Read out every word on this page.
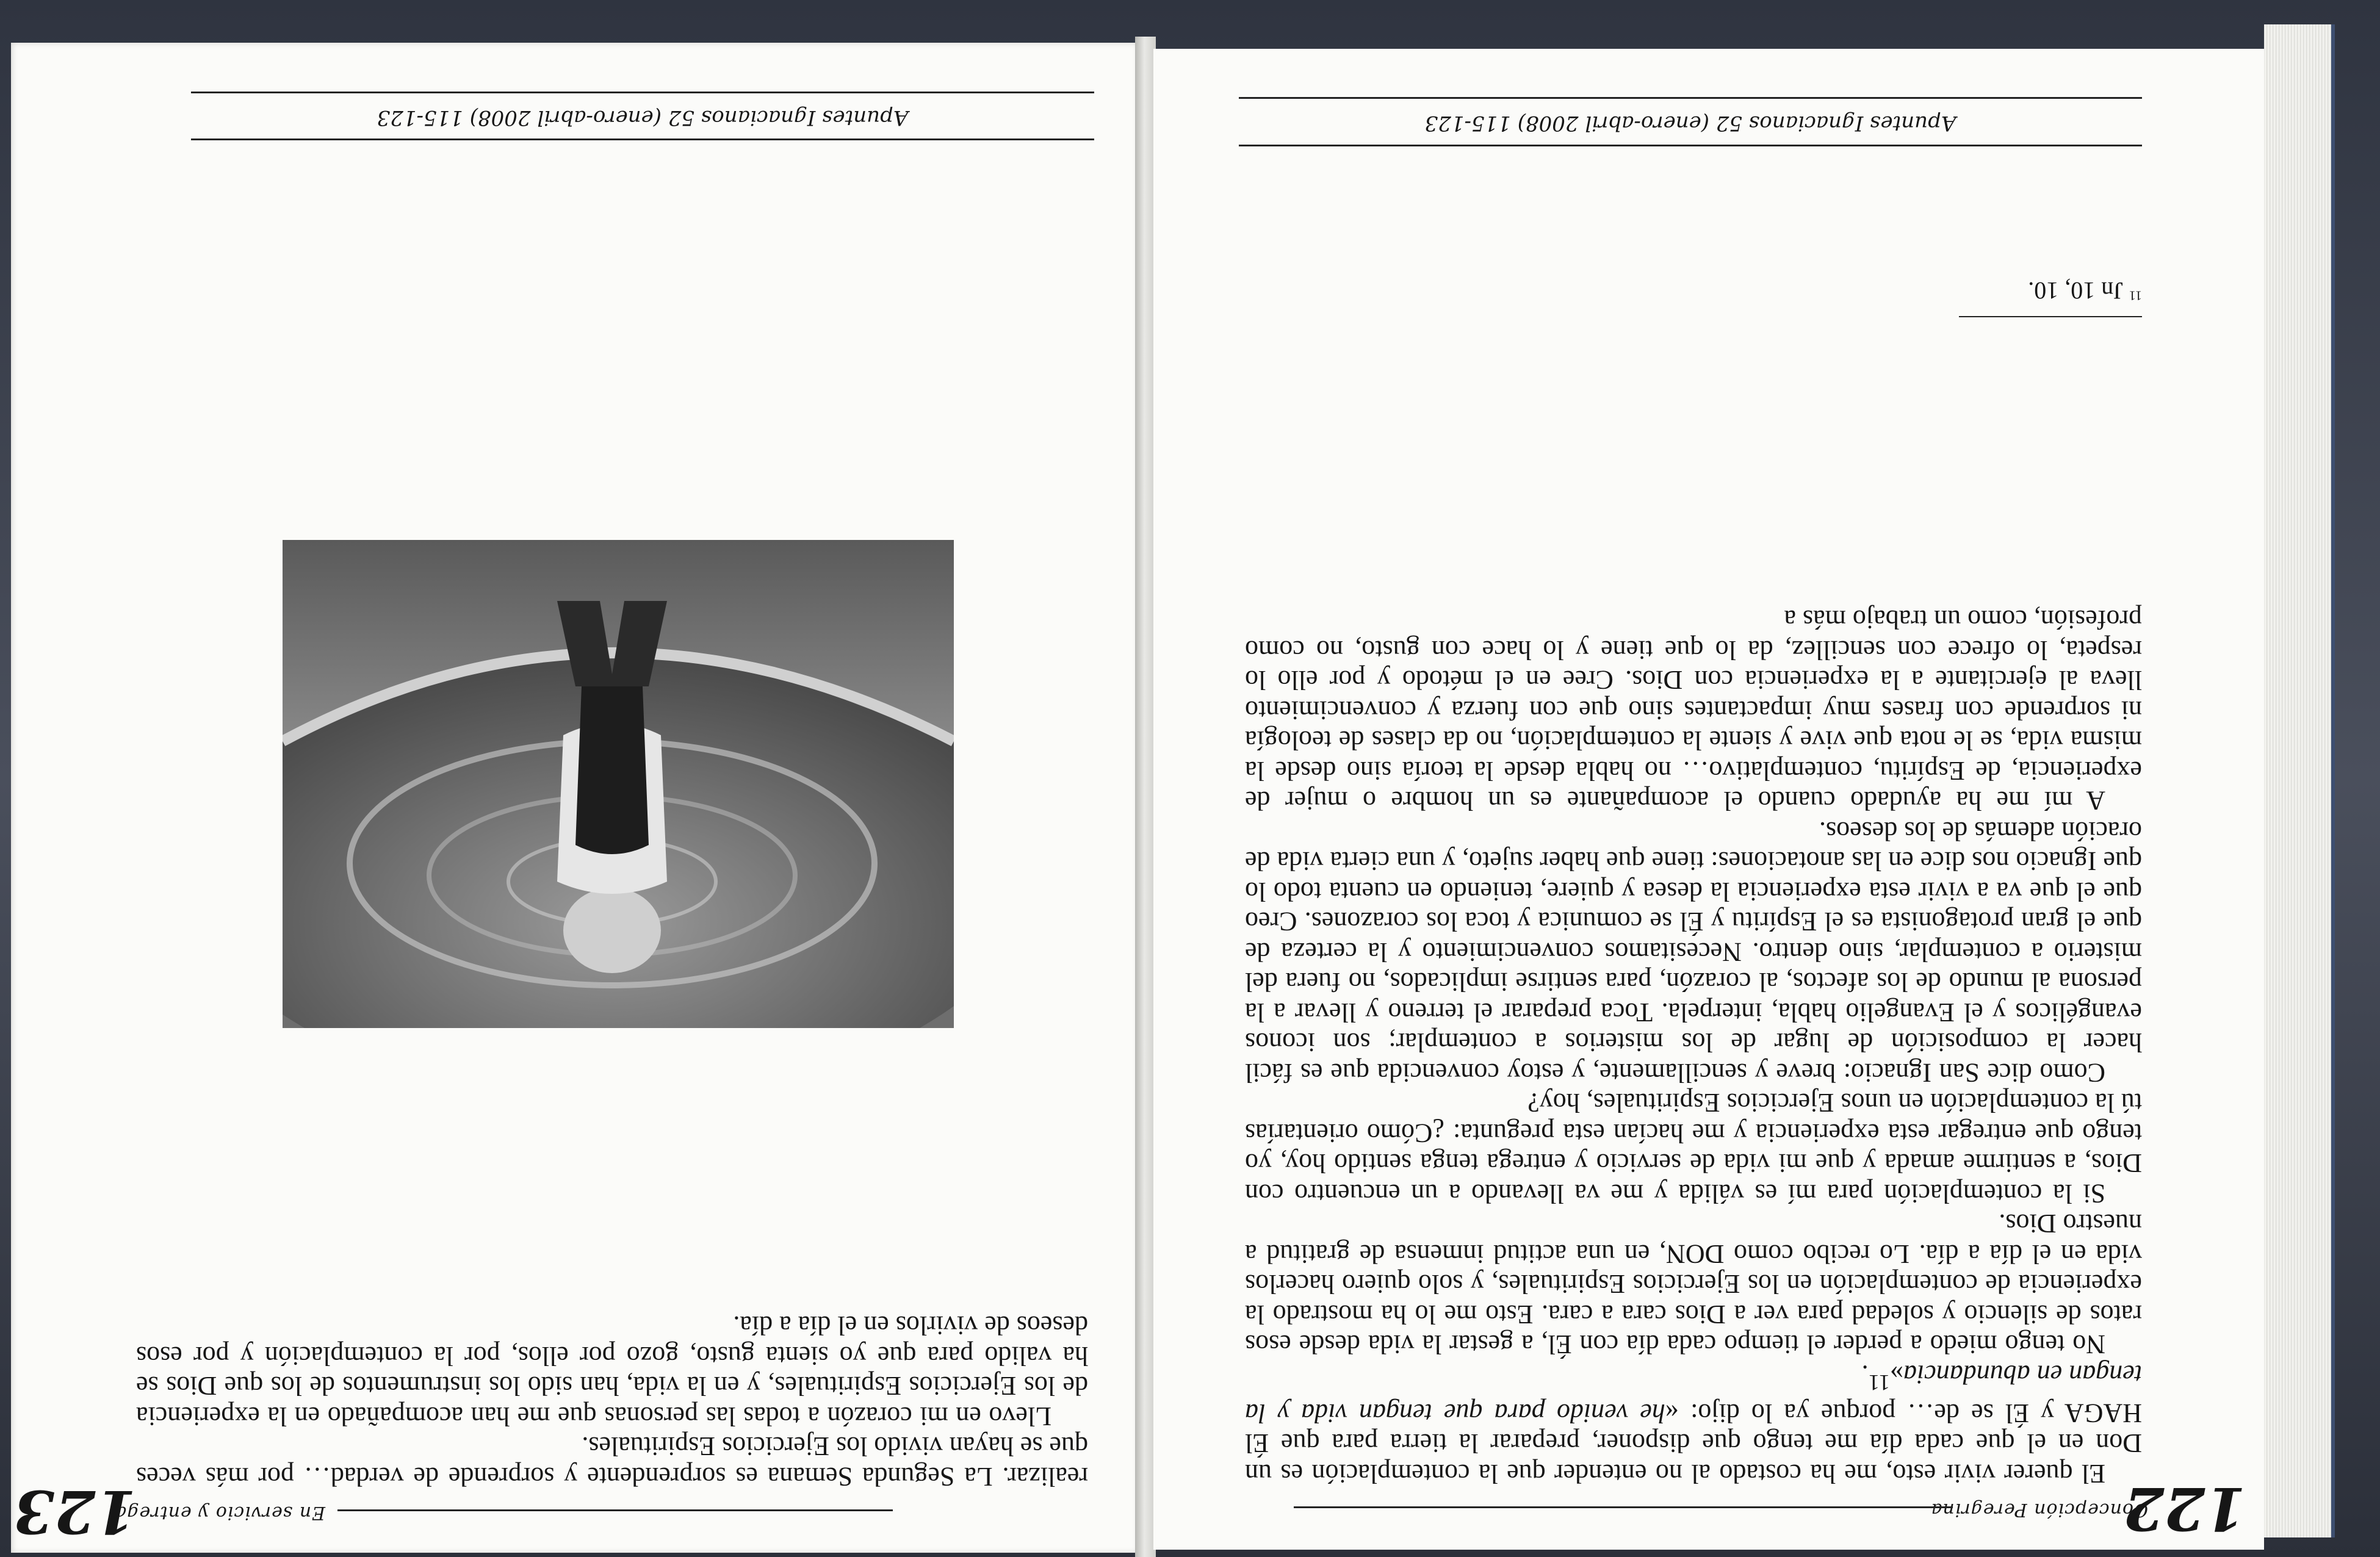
123
En servicio y entrega

realizar. La Segunda Semana es sorprendente y sorprende de verdad… por más veces que se hayan vivido los Ejercicios Espirituales.

Llevo en mi corazón a todas las personas que me han acompañado en la experiencia de los Ejercicios Espirituales, y en la vida, han sido los instrumentos de los que Dios se ha valido para que yo sienta gusto, gozo por ellos, por la contemplación y por esos deseos de vivirlos en el día a día.

Apuntes Ignacianos 52 (enero-abril 2008) 115-123
122
Concepción Peregrina

El querer vivir esto, me ha costado al no entender que la contemplación es un Don en el que cada día me tengo que disponer, preparar la tierra para que Él HAGA y Él se de… porque ya lo dijo: «he venido para que tengan vida y la tengan en abundancia»$^{11}$.

No tengo miedo a perder el tiempo cada día con Él, a gestar la vida desde esos ratos de silencio y soledad para ver a Dios cara a cara. Esto me lo ha mostrado la experiencia de contemplación en los Ejercicios Espirituales, y solo quiero hacerlos vida en el día a día. Lo recibo como DON, en una actitud inmensa de gratitud a nuestro Dios.

Si la contemplación para mí es válida y me va llevando a un encuentro con Dios, a sentirme amada y que mi vida de servicio y entrega tenga sentido hoy, yo tengo que entregar esta experiencia y me hacían esta pregunta: ¿Cómo orientarías tú la contemplación en unos Ejercicios Espirituales, hoy?

Como dice San Ignacio: breve y sencillamente, y estoy convencida que es fácil hacer la composición de lugar de los misterios a contemplar; son iconos evangélicos y el Evangelio habla, interpela. Toca preparar el terreno y llevar a la persona al mundo de los afectos, al corazón, para sentirse implicados, no fuera del misterio a contemplar, sino dentro. Necesitamos convencimiento y la certeza de que el gran protagonista es el Espíritu y Él se comunica y toca los corazones. Creo que el que va a vivir esta experiencia la desea y quiere, teniendo en cuenta todo lo que Ignacio nos dice en las anotaciones: tiene que haber sujeto, y una cierta vida de oración además de los deseos.

A mí me ha ayudado cuando el acompañante es un hombre o mujer de experiencia, de Espíritu, contemplativo… no habla desde la teoría sino desde la misma vida, se le nota que vive y siente la contemplación, no da clases de teología ni sorprende con frases muy impactantes sino que con fuerza y convencimiento lleva al ejercitante a la experiencia con Dios. Cree en el método y por ello lo respeta, lo ofrece con sencillez, da lo que tiene y lo hace con gusto, no como profesión, como un trabajo más a

$^{11}$ Jn 10, 10.
Apuntes Ignacianos 52 (enero-abril 2008) 115-123
